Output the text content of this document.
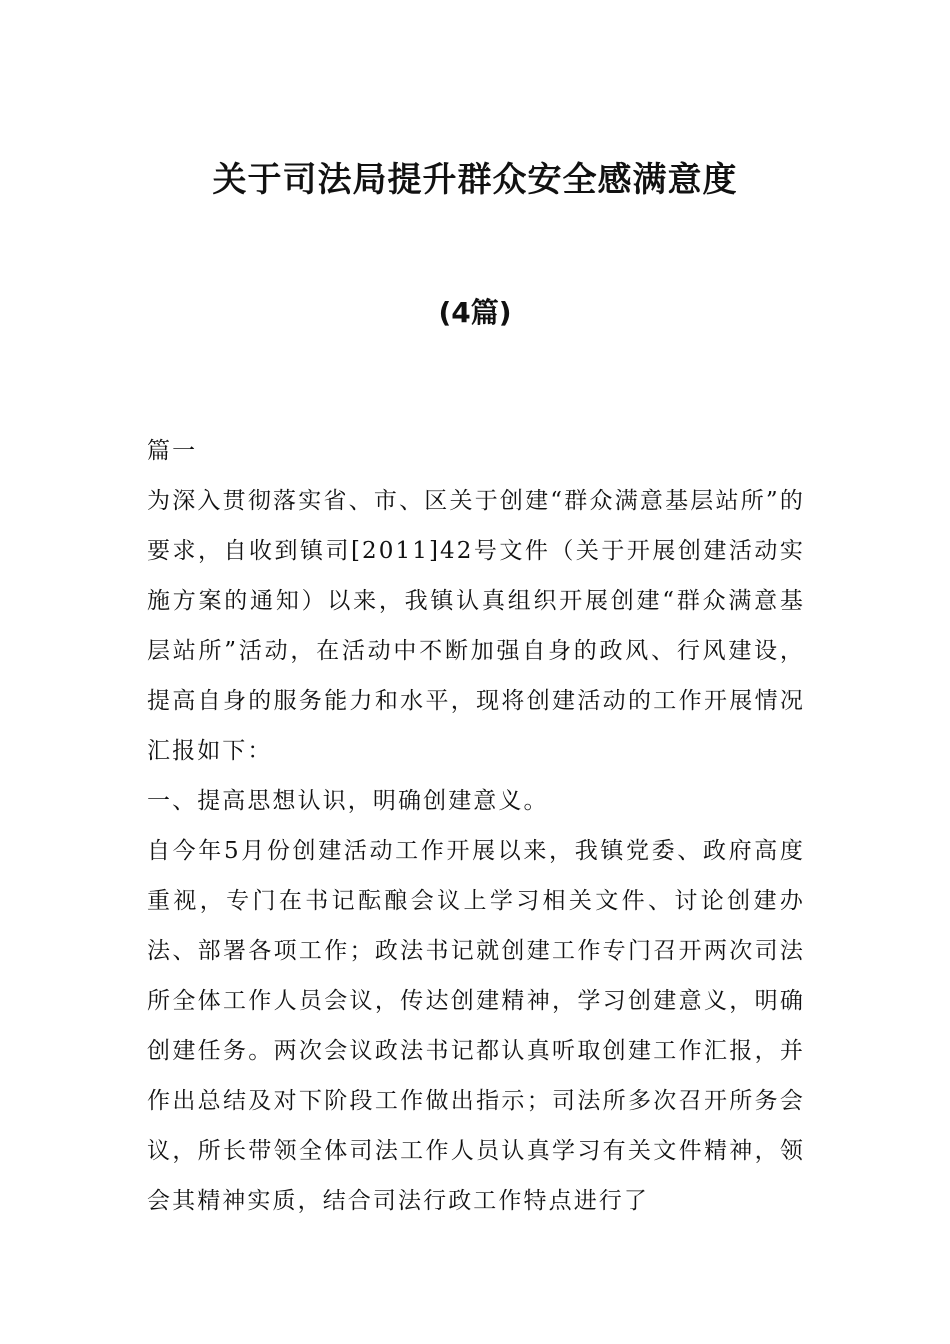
关于司法局提升群众安全感满意度
(4篇)

篇一

为深入贯彻落实省、市、区关于创建“群众满意基层站所”的要求，自收到镇司[2011]42号文件（关于开展创建活动实施方案的通知）以来，我镇认真组织开展创建“群众满意基层站所”活动，在活动中不断加强自身的政风、行风建设，提高自身的服务能力和水平，现将创建活动的工作开展情况汇报如下：

一、提高思想认识，明确创建意义。

自今年5月份创建活动工作开展以来，我镇党委、政府高度重视，专门在书记酝酿会议上学习相关文件、讨论创建办法、部署各项工作；政法书记就创建工作专门召开两次司法所全体工作人员会议，传达创建精神，学习创建意义，明确创建任务。两次会议政法书记都认真听取创建工作汇报，并作出总结及对下阶段工作做出指示；司法所多次召开所务会议，所长带领全体司法工作人员认真学习有关文件精神，领会其精神实质，结合司法行政工作特点进行了
